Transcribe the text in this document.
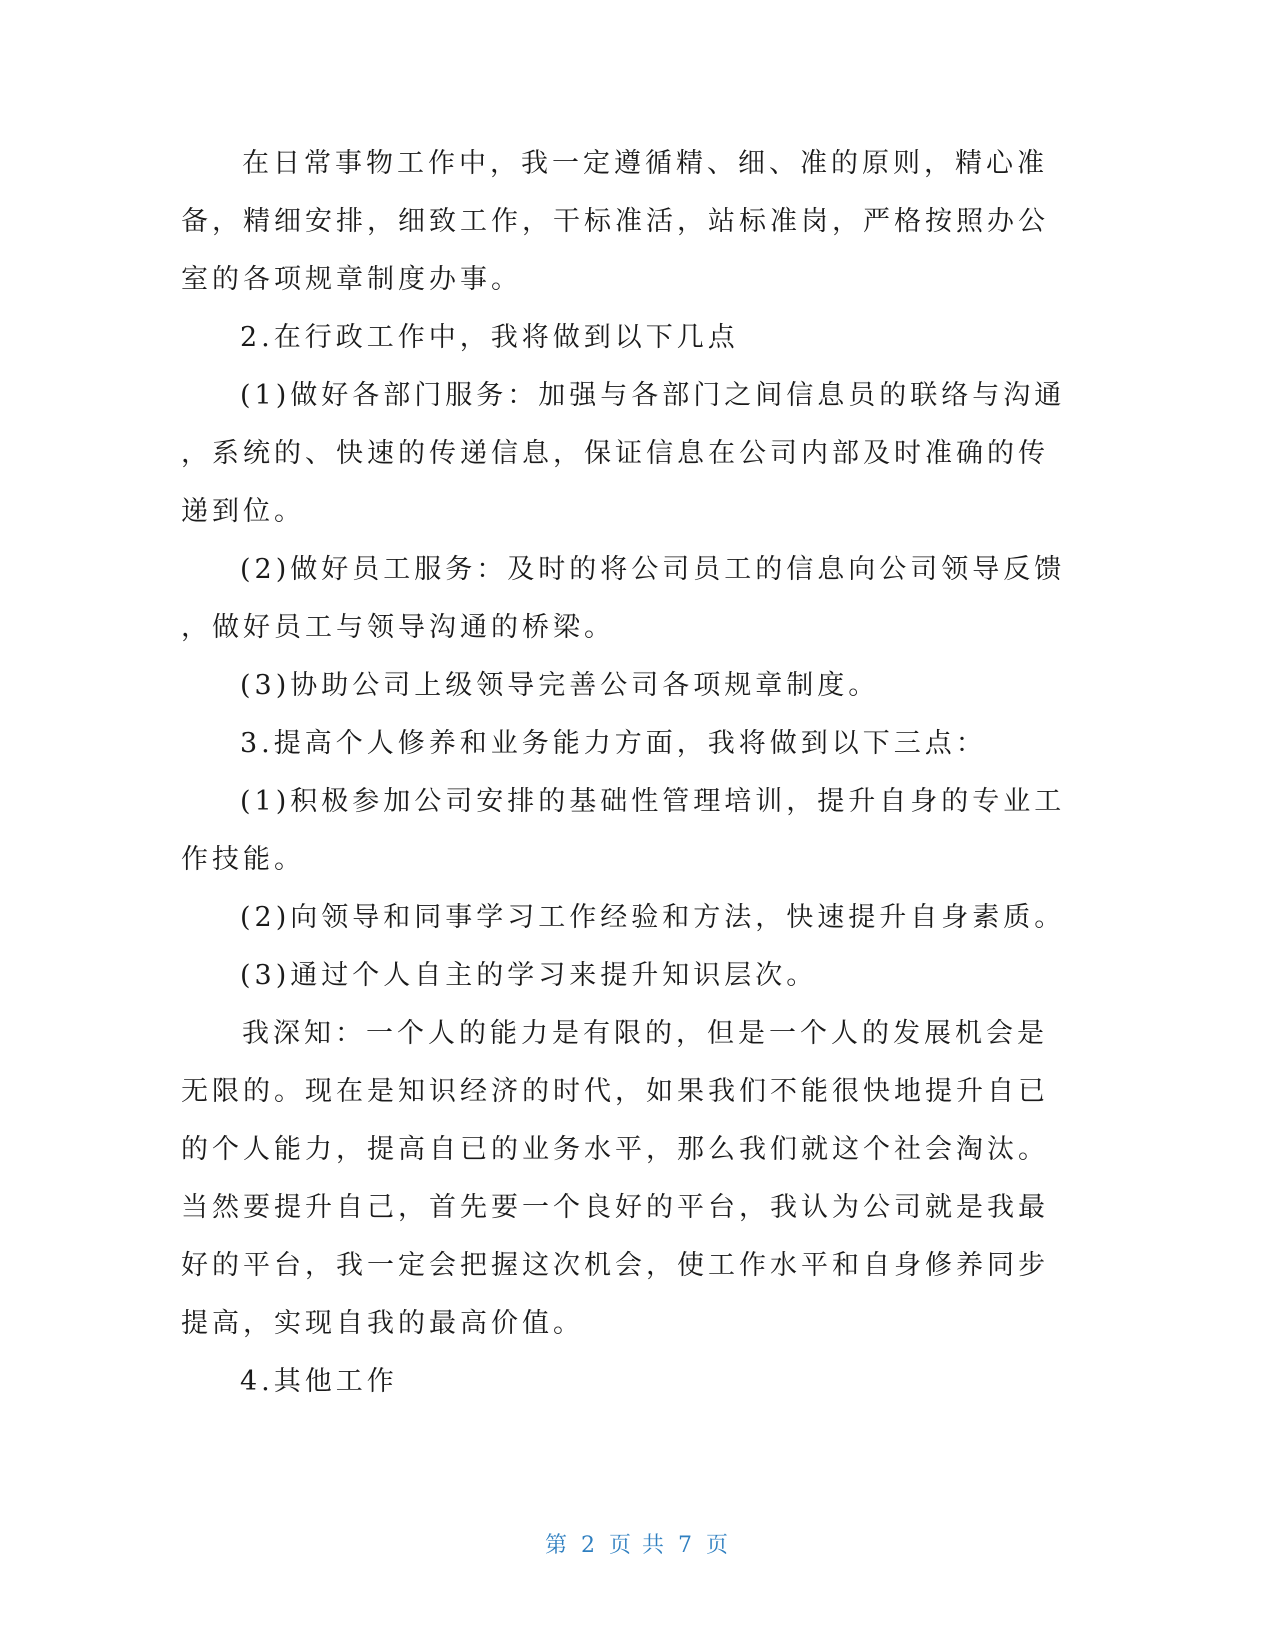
在日常事物工作中，我一定遵循精、细、准的原则，精心准
备，精细安排，细致工作，干标准活，站标准岗，严格按照办公
室的各项规章制度办事。
2.在行政工作中，我将做到以下几点
(1)做好各部门服务：加强与各部门之间信息员的联络与沟通
，系统的、快速的传递信息，保证信息在公司内部及时准确的传
递到位。
(2)做好员工服务：及时的将公司员工的信息向公司领导反馈
，做好员工与领导沟通的桥梁。
(3)协助公司上级领导完善公司各项规章制度。
3.提高个人修养和业务能力方面，我将做到以下三点：
(1)积极参加公司安排的基础性管理培训，提升自身的专业工
作技能。
(2)向领导和同事学习工作经验和方法，快速提升自身素质。
(3)通过个人自主的学习来提升知识层次。
我深知：一个人的能力是有限的，但是一个人的发展机会是
无限的。现在是知识经济的时代，如果我们不能很快地提升自已
的个人能力，提高自已的业务水平，那么我们就这个社会淘汰。
当然要提升自己，首先要一个良好的平台，我认为公司就是我最
好的平台，我一定会把握这次机会，使工作水平和自身修养同步
提高，实现自我的最高价值。
4.其他工作
第 2 页 共 7 页
